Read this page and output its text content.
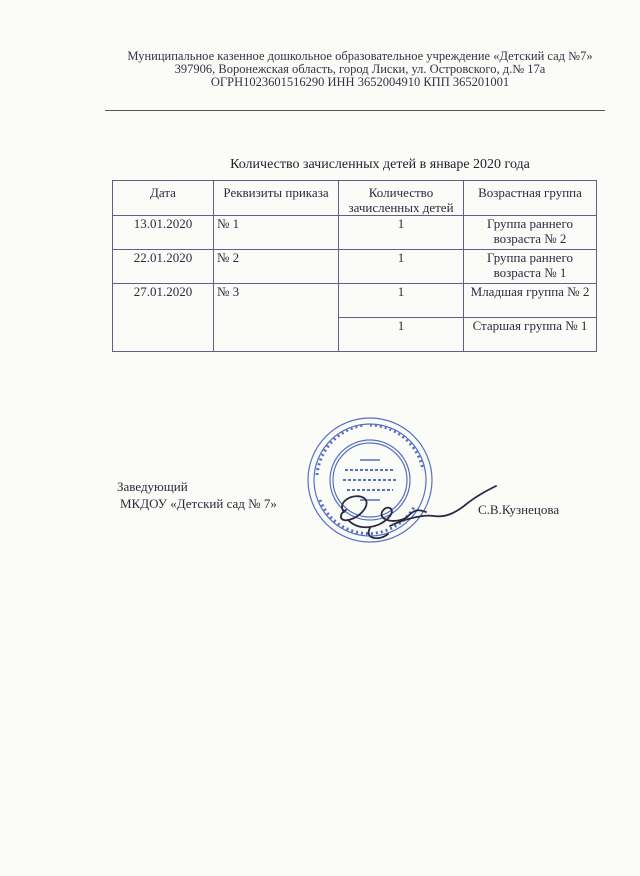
Муниципальное казенное дошкольное образовательное учреждение «Детский сад №7»
397906, Воронежская область, город Лиски, ул. Островского, д.№ 17а
ОГРН1023601516290 ИНН 3652004910 КПП 365201001
Количество зачисленных детей в январе 2020 года
Дата	Реквизиты приказа	Количество зачисленных детей	Возрастная группа
13.01.2020	№ 1	1	Группа раннего возраста № 2
22.01.2020	№ 2	1	Группа раннего возраста № 1
27.01.2020	№ 3	1	Младшая группа № 2
		1	Старшая группа № 1
Заведующий
МКДОУ «Детский сад № 7»	С.В.Кузнецова
